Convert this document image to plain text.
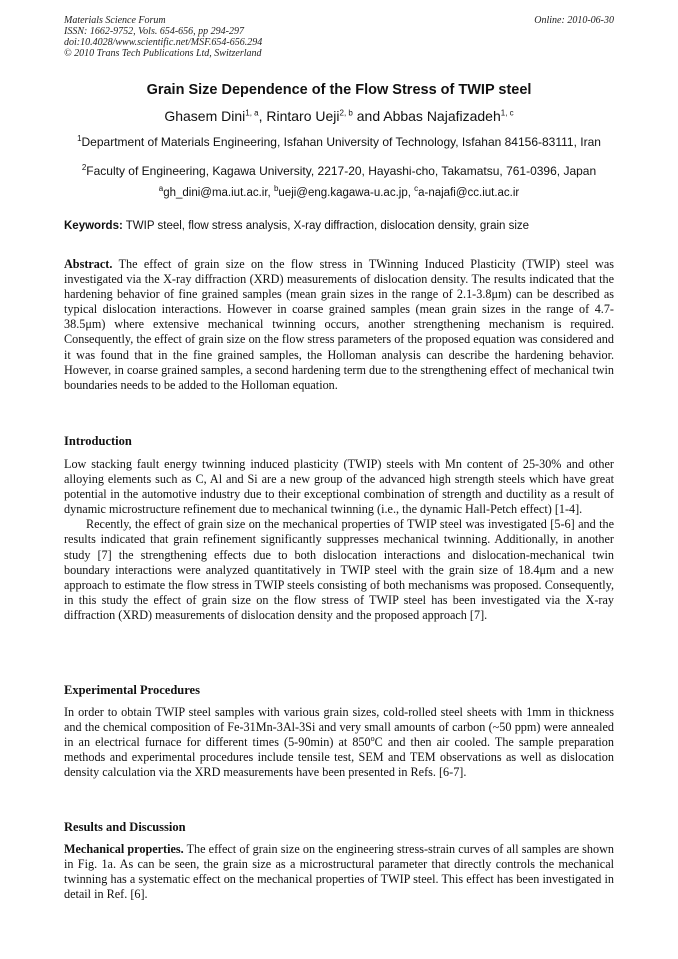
Materials Science Forum
ISSN: 1662-9752, Vols. 654-656, pp 294-297
doi:10.4028/www.scientific.net/MSF.654-656.294
© 2010 Trans Tech Publications Ltd, Switzerland
Online: 2010-06-30
Grain Size Dependence of the Flow Stress of TWIP steel
Ghasem Dini$^{1, a}$, Rintaro Ueji$^{2, b}$ and Abbas Najafizadeh$^{1, c}$
$^1$Department of Materials Engineering, Isfahan University of Technology, Isfahan 84156-83111, Iran
$^2$Faculty of Engineering, Kagawa University, 2217-20, Hayashi-cho, Takamatsu, 761-0396, Japan
$^a$gh_dini@ma.iut.ac.ir, $^b$ueji@eng.kagawa-u.ac.jp, $^c$a-najafi@cc.iut.ac.ir
Keywords: TWIP steel, flow stress analysis, X-ray diffraction, dislocation density, grain size
Abstract. The effect of grain size on the flow stress in TWinning Induced Plasticity (TWIP) steel was investigated via the X-ray diffraction (XRD) measurements of dislocation density. The results indicated that the hardening behavior of fine grained samples (mean grain sizes in the range of 2.1-3.8μm) can be described as typical dislocation interactions. However in coarse grained samples (mean grain sizes in the range of 4.7-38.5μm) where extensive mechanical twinning occurs, another strengthening mechanism is required. Consequently, the effect of grain size on the flow stress parameters of the proposed equation was considered and it was found that in the fine grained samples, the Holloman analysis can describe the hardening behavior. However, in coarse grained samples, a second hardening term due to the strengthening effect of mechanical twin boundaries needs to be added to the Holloman equation.
Introduction

Low stacking fault energy twinning induced plasticity (TWIP) steels with Mn content of 25-30% and other alloying elements such as C, Al and Si are a new group of the advanced high strength steels which have great potential in the automotive industry due to their exceptional combination of strength and ductility as a result of dynamic microstructure refinement due to mechanical twinning (i.e., the dynamic Hall-Petch effect) [1-4].

Recently, the effect of grain size on the mechanical properties of TWIP steel was investigated [5-6] and the results indicated that grain refinement significantly suppresses mechanical twinning. Additionally, in another study [7] the strengthening effects due to both dislocation interactions and dislocation-mechanical twin boundary interactions were analyzed quantitatively in TWIP steel with the grain size of 18.4μm and a new approach to estimate the flow stress in TWIP steels consisting of both mechanisms was proposed. Consequently, in this study the effect of grain size on the flow stress of TWIP steel has been investigated via the X-ray diffraction (XRD) measurements of dislocation density and the proposed approach [7].

Experimental Procedures
In order to obtain TWIP steel samples with various grain sizes, cold-rolled steel sheets with 1mm in thickness and the chemical composition of Fe-31Mn-3Al-3Si and very small amounts of carbon (~50 ppm) were annealed in an electrical furnace for different times (5-90min) at 850$^o$C and then air cooled. The sample preparation methods and experimental procedures include tensile test, SEM and TEM observations as well as dislocation density calculation via the XRD measurements have been presented in Refs. [6-7].
Results and Discussion
Mechanical properties. The effect of grain size on the engineering stress-strain curves of all samples are shown in Fig. 1a. As can be seen, the grain size as a microstructural parameter that directly controls the mechanical twinning has a systematic effect on the mechanical properties of TWIP steel. This effect has been investigated in detail in Ref. [6].
